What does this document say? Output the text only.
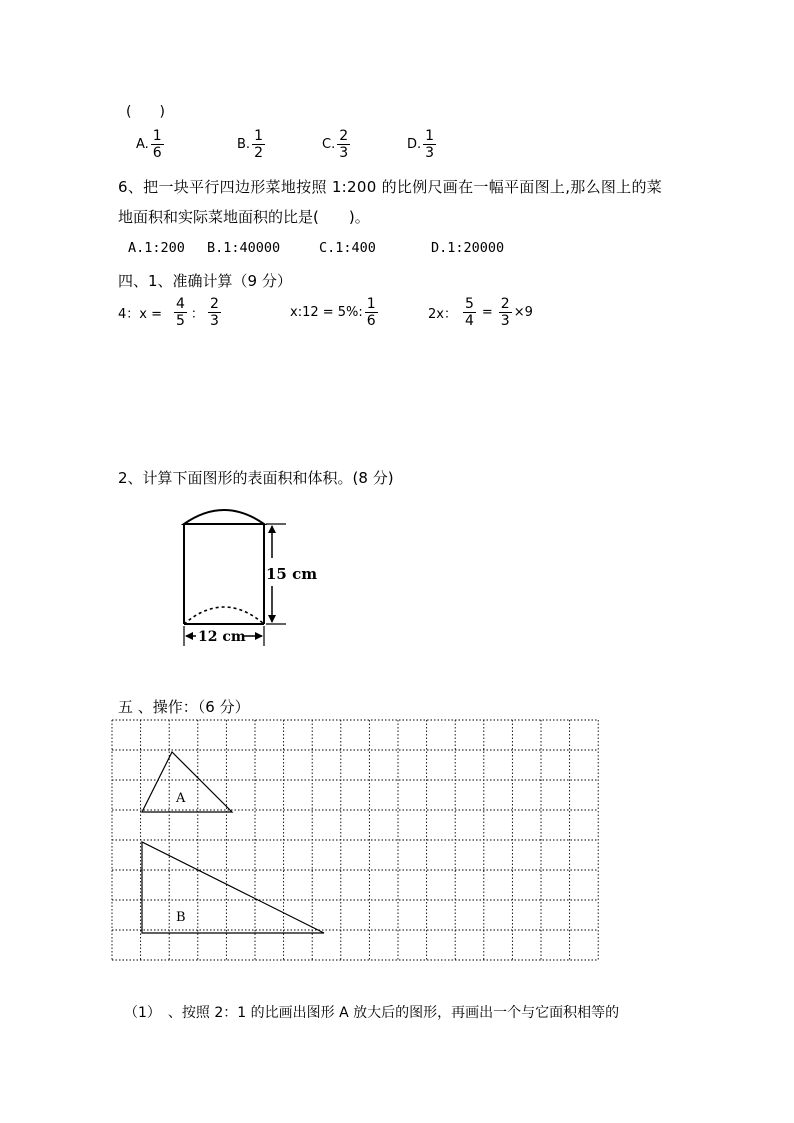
(　　)
A. $\frac{1}{6}$	B. $\frac{1}{2}$	C. $\frac{2}{3}$	D. $\frac{1}{3}$
6、把一块平行四边形菜地按照 1:200 的比例尺画在一幅平面图上,那么图上的菜
地面积和实际菜地面积的比是(　　)。
A.1:200 B.1:40000	C.1:400	D.1:20000
四、1、准确计算（9 分）
4：$x = \frac{4}{5}$ ： $\frac{2}{3}$	x:12 = 5%: $\frac{1}{6}$	2x： $\frac{5}{4} = \frac{2}{3} \times 9$
2、计算下面图形的表面积和体积。(8 分)
15 cm
12 cm
五 、操作：（6 分）
A
B
（1）　、按照 2：1 的比画出图形 A 放大后的图形，再画出一个与它面积相等的
